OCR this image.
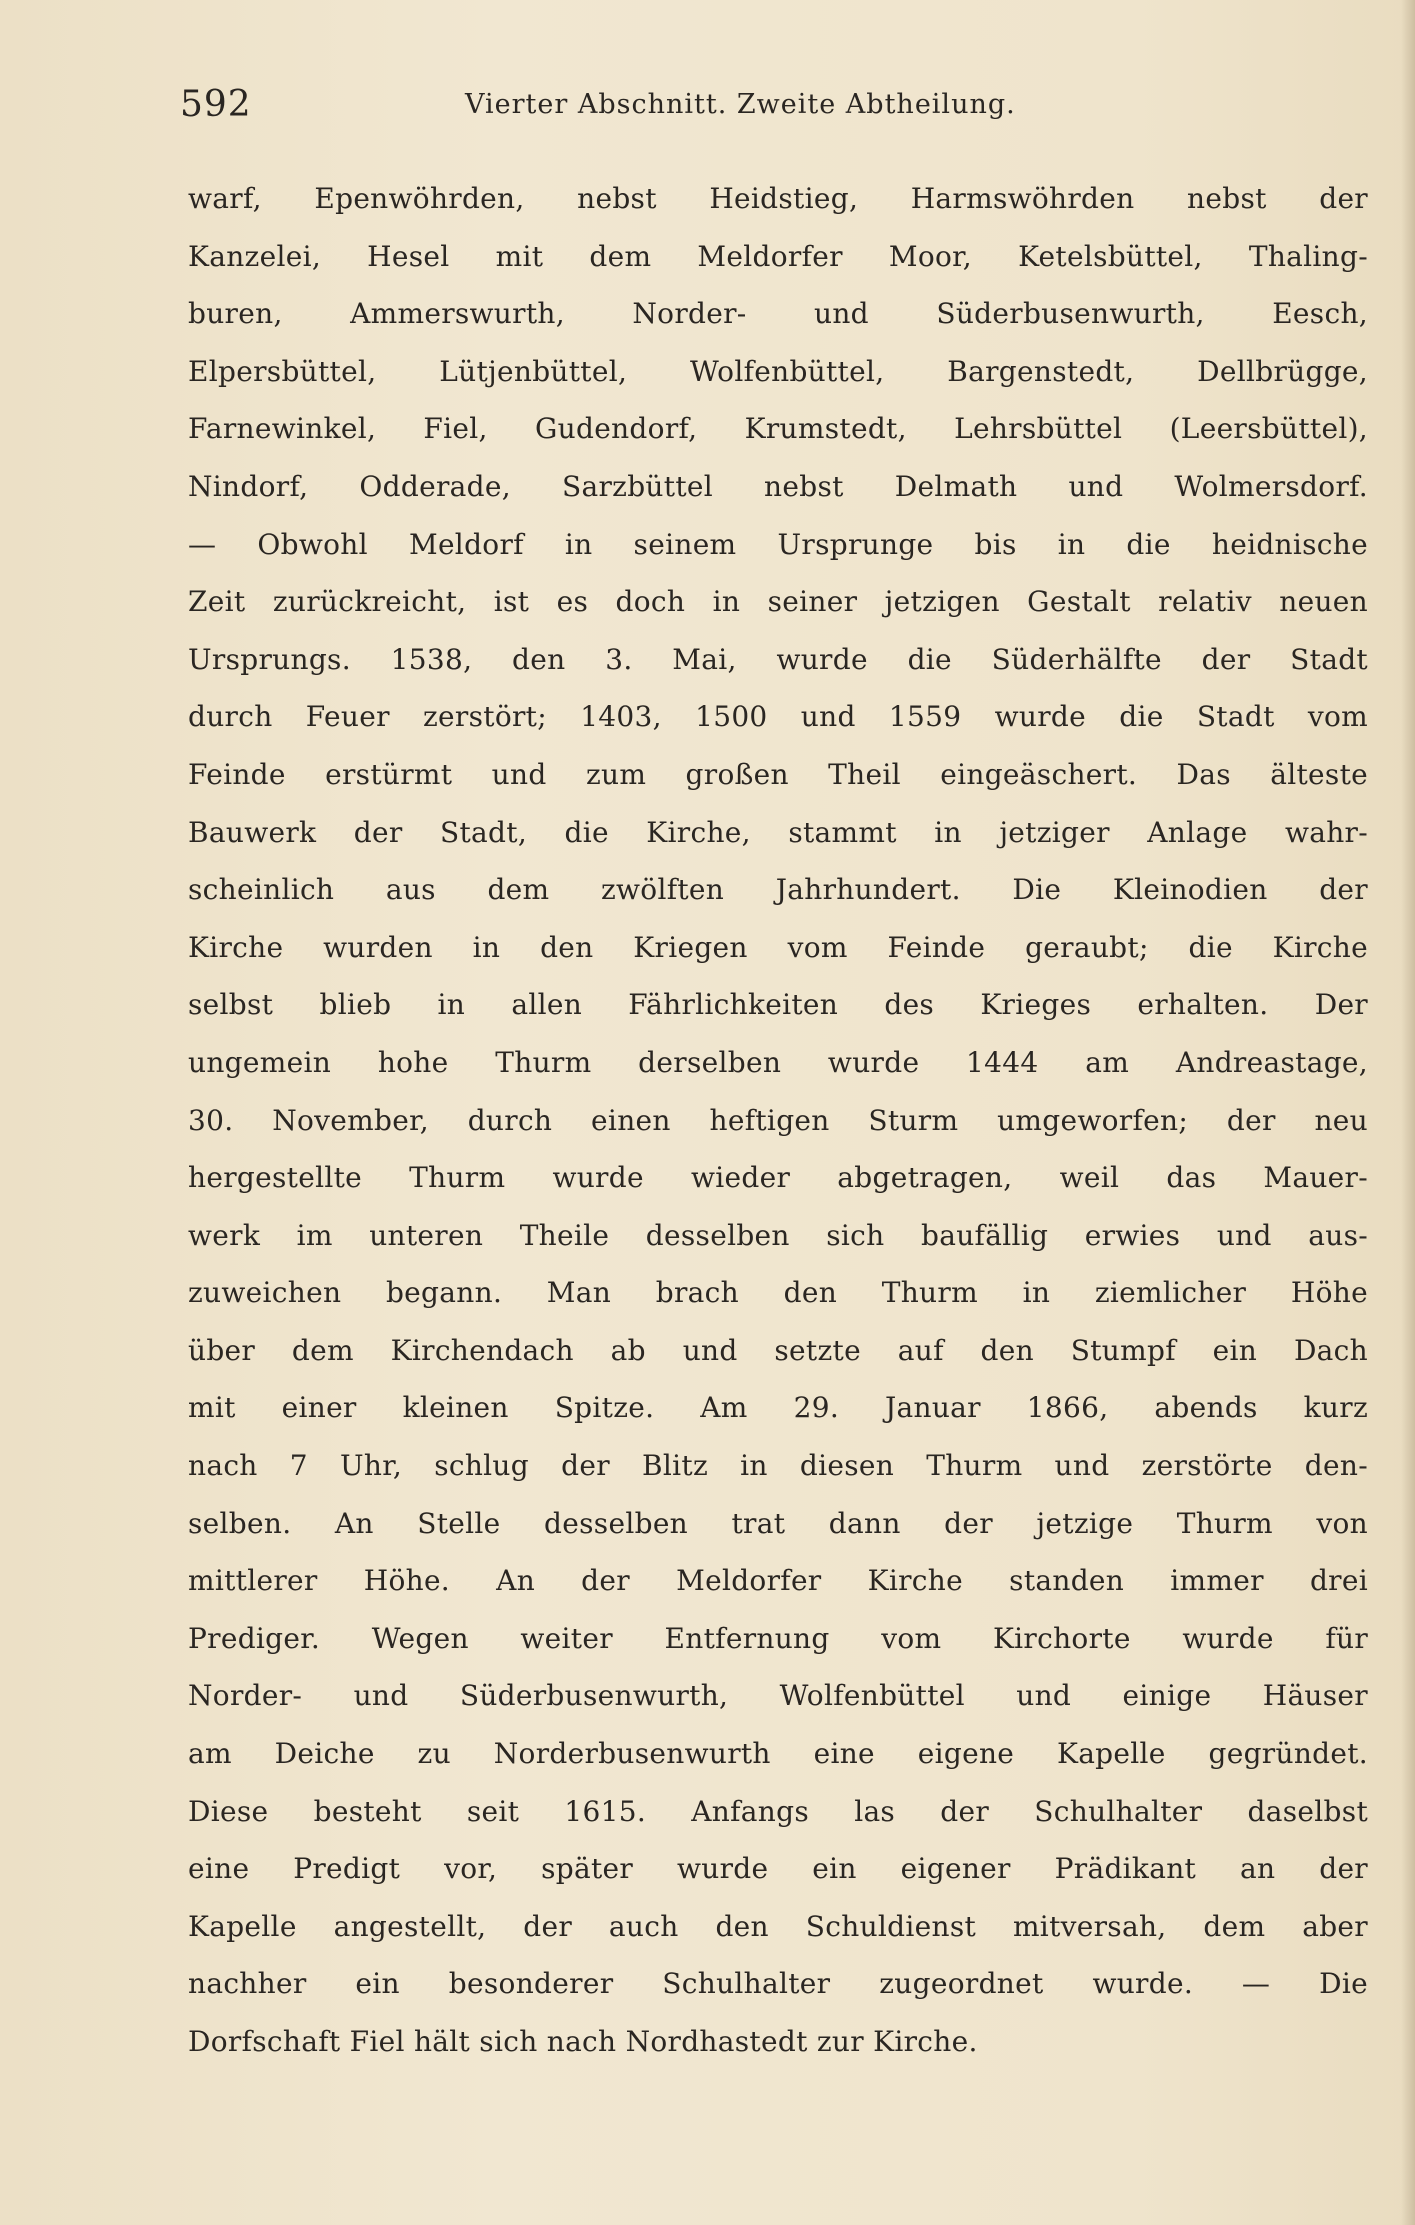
592	Vierter Abschnitt. Zweite Abtheilung.
warf, Epenwöhrden, nebst Heidstieg, Harmswöhrden nebst der
Kanzelei, Hesel mit dem Meldorfer Moor, Ketelsbüttel, Thaling-
buren, Ammerswurth, Norder- und Süderbusenwurth, Eesch,
Elpersbüttel, Lütjenbüttel, Wolfenbüttel, Bargenstedt, Dellbrügge,
Farnewinkel, Fiel, Gudendorf, Krumstedt, Lehrsbüttel (Leersbüttel),
Nindorf, Odderade, Sarzbüttel nebst Delmath und Wolmersdorf.
— Obwohl Meldorf in seinem Ursprunge bis in die heidnische
Zeit zurückreicht, ist es doch in seiner jetzigen Gestalt relativ neuen
Ursprungs. 1538, den 3. Mai, wurde die Süderhälfte der Stadt
durch Feuer zerstört; 1403, 1500 und 1559 wurde die Stadt vom
Feinde erstürmt und zum großen Theil eingeäschert. Das älteste
Bauwerk der Stadt, die Kirche, stammt in jetziger Anlage wahr-
scheinlich aus dem zwölften Jahrhundert. Die Kleinodien der
Kirche wurden in den Kriegen vom Feinde geraubt; die Kirche
selbst blieb in allen Fährlichkeiten des Krieges erhalten. Der
ungemein hohe Thurm derselben wurde 1444 am Andreastage,
30. November, durch einen heftigen Sturm umgeworfen; der neu
hergestellte Thurm wurde wieder abgetragen, weil das Mauer-
werk im unteren Theile desselben sich baufällig erwies und aus-
zuweichen begann. Man brach den Thurm in ziemlicher Höhe
über dem Kirchendach ab und setzte auf den Stumpf ein Dach
mit einer kleinen Spitze. Am 29. Januar 1866, abends kurz
nach 7 Uhr, schlug der Blitz in diesen Thurm und zerstörte den-
selben. An Stelle desselben trat dann der jetzige Thurm von
mittlerer Höhe. An der Meldorfer Kirche standen immer drei
Prediger. Wegen weiter Entfernung vom Kirchorte wurde für
Norder- und Süderbusenwurth, Wolfenbüttel und einige Häuser
am Deiche zu Norderbusenwurth eine eigene Kapelle gegründet.
Diese besteht seit 1615. Anfangs las der Schulhalter daselbst
eine Predigt vor, später wurde ein eigener Prädikant an der
Kapelle angestellt, der auch den Schuldienst mitversah, dem aber
nachher ein besonderer Schulhalter zugeordnet wurde. — Die
Dorfschaft Fiel hält sich nach Nordhastedt zur Kirche.
